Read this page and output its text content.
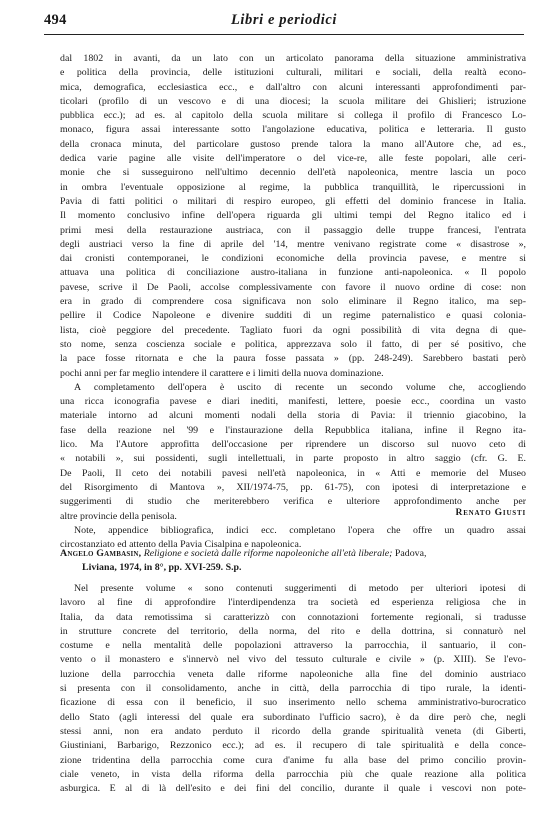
494	Libri e periodici
dal 1802 in avanti, da un lato con un articolato panorama della situazione amministrativa
e politica della provincia, delle istituzioni culturali, militari e sociali, della realtà econo-
mica, demografica, ecclesiastica ecc., e dall'altro con alcuni interessanti approfondimenti par-
ticolari (profilo di un vescovo e di una diocesi; la scuola militare dei Ghislieri; istruzione
pubblica ecc.); ad es. al capitolo della scuola militare si collega il profilo di Francesco Lo-
monaco, figura assai interessante sotto l'angolazione educativa, politica e letteraria. Il gusto
della cronaca minuta, del particolare gustoso prende talora la mano all'Autore che, ad es.,
dedica varie pagine alle visite dell'imperatore o del vice-re, alle feste popolari, alle ceri-
monie che si susseguirono nell'ultimo decennio dell'età napoleonica, mentre lascia un poco
in ombra l'eventuale opposizione al regime, la pubblica tranquillità, le ripercussioni in
Pavia di fatti politici o militari di respiro europeo, gli effetti del dominio francese in Italia.
Il momento conclusivo infine dell'opera riguarda gli ultimi tempi del Regno italico ed i
primi mesi della restaurazione austriaca, con il passaggio delle truppe francesi, l'entrata
degli austriaci verso la fine di aprile del '14, mentre venivano registrate come « disastrose »,
dai cronisti contemporanei, le condizioni economiche della provincia pavese, e mentre si
attuava una politica di conciliazione austro-italiana in funzione anti-napoleonica. « Il popolo
pavese, scrive il De Paoli, accolse complessivamente con favore il nuovo ordine di cose: non
era in grado di comprendere cosa significava non solo eliminare il Regno italico, ma sep-
pellire il Codice Napoleone e divenire sudditi di un regime paternalistico e quasi colonia-
lista, cioè peggiore del precedente. Tagliato fuori da ogni possibilità di vita degna di que-
sto nome, senza coscienza sociale e politica, apprezzava solo il fatto, di per sé positivo, che
la pace fosse ritornata e che la paura fosse passata » (pp. 248-249). Sarebbero bastati però
pochi anni per far meglio intendere il carattere e i limiti della nuova dominazione.
A completamento dell'opera è uscito di recente un secondo volume che, accogliendo
una ricca iconografia pavese e diari inediti, manifesti, lettere, poesie ecc., coordina un vasto
materiale intorno ad alcuni momenti nodali della storia di Pavia: il triennio giacobino, la
fase della reazione nel '99 e l'instaurazione della Repubblica italiana, infine il Regno ita-
lico. Ma l'Autore approfitta dell'occasione per riprendere un discorso sul nuovo ceto di
« notabili », sui possidenti, sugli intellettuali, in parte proposto in altro saggio (cfr. G. E.
De Paoli, Il ceto dei notabili pavesi nell'età napoleonica, in « Atti e memorie del Museo
del Risorgimento di Mantova », XII/1974-75, pp. 61-75), con ipotesi di interpretazione e
suggerimenti di studio che meriterebbero verifica e ulteriore approfondimento anche per
altre provincie della penisola.
Note, appendice bibliografica, indici ecc. completano l'opera che offre un quadro assai
circostanziato ed attento della Pavia Cisalpina e napoleonica.
Renato Giusti
Angelo Gambasin, Religione e società dalle riforme napoleoniche all'età liberale; Padova,
Liviana, 1974, in 8°, pp. XVI-259. S.p.
Nel presente volume « sono contenuti suggerimenti di metodo per ulteriori ipotesi di
lavoro al fine di approfondire l'interdipendenza tra società ed esperienza religiosa che in
Italia, da data remotissima si caratterizzò con connotazioni fortemente regionali, si tradusse
in strutture concrete del territorio, della norma, del rito e della dottrina, si connaturò nel
costume e nella mentalità delle popolazioni attraverso la parrocchia, il santuario, il con-
vento o il monastero e s'innervò nel vivo del tessuto culturale e civile » (p. XIII). Se l'evo-
luzione della parrocchia veneta dalle riforme napoleoniche alla fine del dominio austriaco
si presenta con il consolidamento, anche in città, della parrocchia di tipo rurale, la identi-
ficazione di essa con il beneficio, il suo inserimento nello schema amministrativo-burocratico
dello Stato (agli interessi del quale era subordinato l'ufficio sacro), è da dire però che, negli
stessi anni, non era andato perduto il ricordo della grande spiritualità veneta (di Giberti,
Giustiniani, Barbarigo, Rezzonico ecc.); ad es. il recupero di tale spiritualità e della conce-
zione tridentina della parrocchia come cura d'anime fu alla base del primo concilio provin-
ciale veneto, in vista della riforma della parrocchia più che quale reazione alla politica
asburgica. E al di là dell'esito e dei fini del concilio, durante il quale i vescovi non pote-
